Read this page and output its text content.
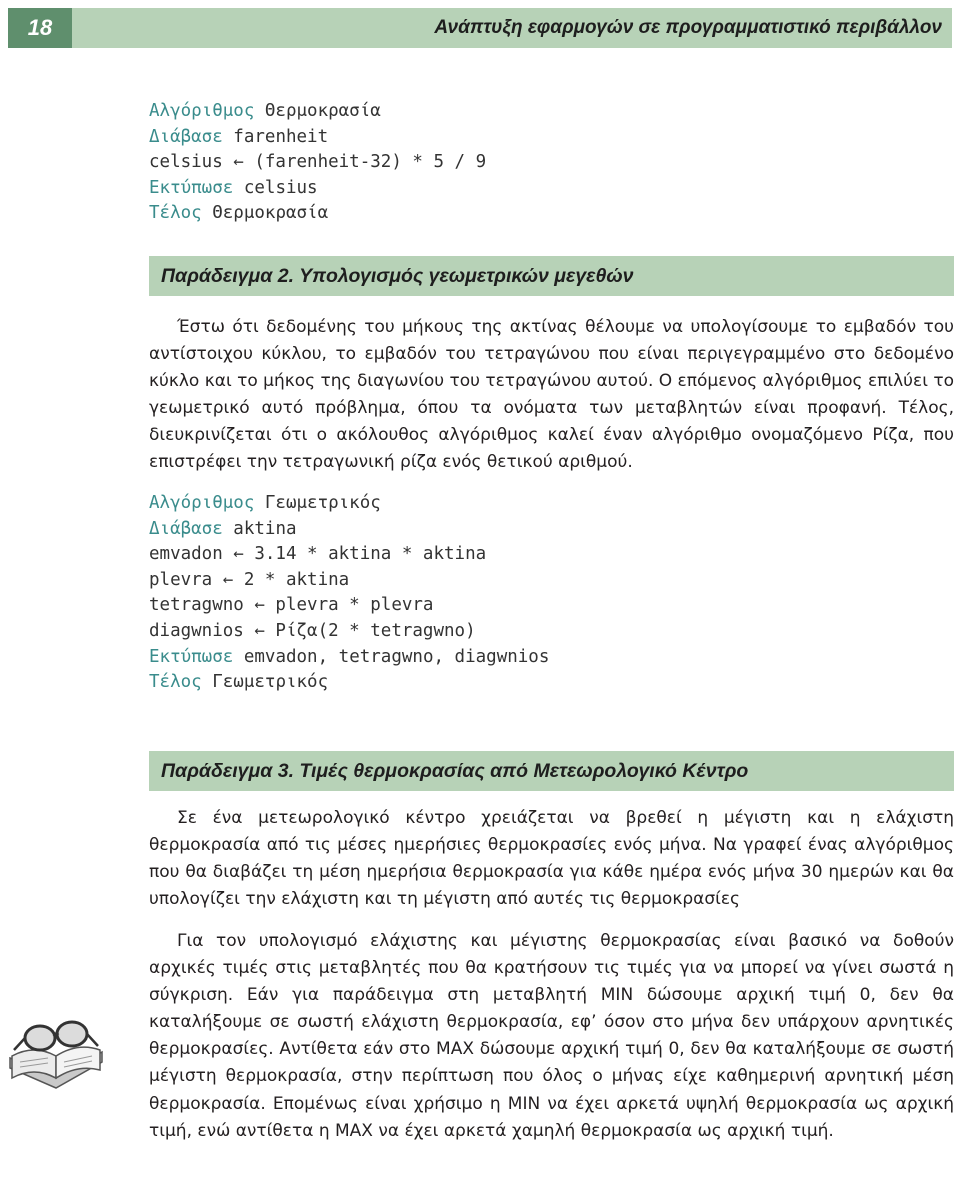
18	Ανάπτυξη εφαρμογών σε προγραμματιστικό περιβάλλον
Αλγόριθμος Θερμοκρασία
Διάβασε farenheit
celsius ← (farenheit-32) * 5 / 9
Εκτύπωσε celsius
Τέλος Θερμοκρασία
Παράδειγμα 2. Υπολογισμός γεωμετρικών μεγεθών

Έστω ότι δεδομένης του μήκους της ακτίνας θέλουμε να υπολογίσουμε το εμβαδόν του αντίστοιχου κύκλου, το εμβαδόν του τετραγώνου που είναι περιγεγραμμένο στο δεδομένο κύκλο και το μήκος της διαγωνίου του τετραγώνου αυτού. Ο επόμενος αλγόριθμος επιλύει το γεωμετρικό αυτό πρόβλημα, όπου τα ονόματα των μεταβλητών είναι προφανή. Τέλος, διευκρινίζεται ότι ο ακόλουθος αλγόριθμος καλεί έναν αλγόριθμο ονομαζόμενο Ρίζα, που επιστρέφει την τετραγωνική ρίζα ενός θετικού αριθμού.

Αλγόριθμος Γεωμετρικός
Διάβασε aktina
emvadon ← 3.14 * aktina * aktina
plevra ← 2 * aktina
tetragwno ← plevra * plevra
diagwnios ← Ρίζα(2 * tetragwno)
Εκτύπωσε emvadon, tetragwno, diagwnios
Τέλος Γεωμετρικός
Παράδειγμα 3. Τιμές θερμοκρασίας από Μετεωρολογικό Κέντρο

Σε ένα μετεωρολογικό κέντρο χρειάζεται να βρεθεί η μέγιστη και η ελάχιστη θερμοκρασία από τις μέσες ημερήσιες θερμοκρασίες ενός μήνα. Να γραφεί ένας αλγόριθμος που θα διαβάζει τη μέση ημερήσια θερμοκρασία για κάθε ημέρα ενός μήνα 30 ημερών και θα υπολογίζει την ελάχιστη και τη μέγιστη από αυτές τις θερμοκρασίες

Για τον υπολογισμό ελάχιστης και μέγιστης θερμοκρασίας είναι βασικό να δοθούν αρχικές τιμές στις μεταβλητές που θα κρατήσουν τις τιμές για να μπορεί να γίνει σωστά η σύγκριση. Εάν για παράδειγμα στη μεταβλητή MIN δώσουμε αρχική τιμή 0, δεν θα καταλήξουμε σε σωστή ελάχιστη θερμοκρασία, εφ’ όσον στο μήνα δεν υπάρχουν αρνητικές θερμοκρασίες. Αντίθετα εάν στο MAX δώσουμε αρχική τιμή 0, δεν θα καταλήξουμε σε σωστή μέγιστη θερμοκρασία, στην περίπτωση που όλος ο μήνας είχε καθημερινή αρνητική μέση θερμοκρασία. Επομένως είναι χρήσιμο η MIN να έχει αρκετά υψηλή θερμοκρασία ως αρχική τιμή, ενώ αντίθετα η MAX να έχει αρκετά χαμηλή θερμοκρασία ως αρχική τιμή.
